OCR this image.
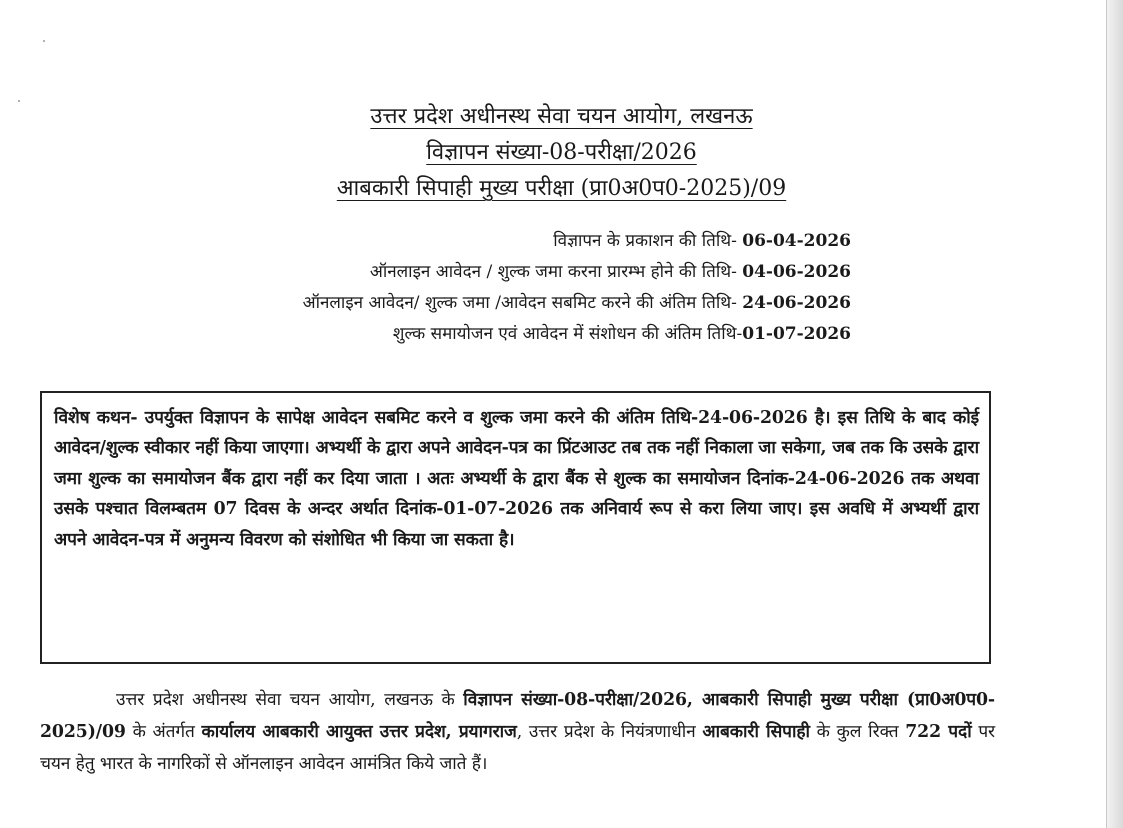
उत्तर प्रदेश अधीनस्थ सेवा चयन आयोग, लखनऊ
विज्ञापन संख्या-08-परीक्षा/2026
आबकारी सिपाही मुख्य परीक्षा (प्रा0अ0प0-2025)/09
विज्ञापन के प्रकाशन की तिथि- 06-04-2026
ऑनलाइन आवेदन / शुल्क जमा करना प्रारम्भ होने की तिथि- 04-06-2026
ऑनलाइन आवेदन/ शुल्क जमा /आवेदन सबमिट करने की अंतिम तिथि- 24-06-2026
शुल्क समायोजन एवं आवेदन में संशोधन की अंतिम तिथि-01-07-2026
विशेष कथन- उपर्युक्त विज्ञापन के सापेक्ष आवेदन सबमिट करने व शुल्क जमा करने की अंतिम तिथि-24-06-2026 है। इस तिथि के बाद कोई आवेदन/शुल्क स्वीकार नहीं किया जाएगा। अभ्यर्थी के द्वारा अपने आवेदन-पत्र का प्रिंटआउट तब तक नहीं निकाला जा सकेगा, जब तक कि उसके द्वारा जमा शुल्क का समायोजन बैंक द्वारा नहीं कर दिया जाता । अतः अभ्यर्थी के द्वारा बैंक से शुल्क का समायोजन दिनांक-24-06-2026 तक अथवा उसके पश्चात विलम्बतम 07 दिवस के अन्दर अर्थात दिनांक-01-07-2026 तक अनिवार्य रूप से करा लिया जाए। इस अवधि में अभ्यर्थी द्वारा अपने आवेदन-पत्र में अनुमन्य विवरण को संशोधित भी किया जा सकता है।
उत्तर प्रदेश अधीनस्थ सेवा चयन आयोग, लखनऊ के विज्ञापन संख्या-08-परीक्षा/2026, आबकारी सिपाही मुख्य परीक्षा (प्रा0अ0प0-2025)/09 के अंतर्गत कार्यालय आबकारी आयुक्त उत्तर प्रदेश, प्रयागराज, उत्तर प्रदेश के नियंत्रणाधीन आबकारी सिपाही के कुल रिक्त 722 पदों पर चयन हेतु भारत के नागरिकों से ऑनलाइन आवेदन आमंत्रित किये जाते हैं।
